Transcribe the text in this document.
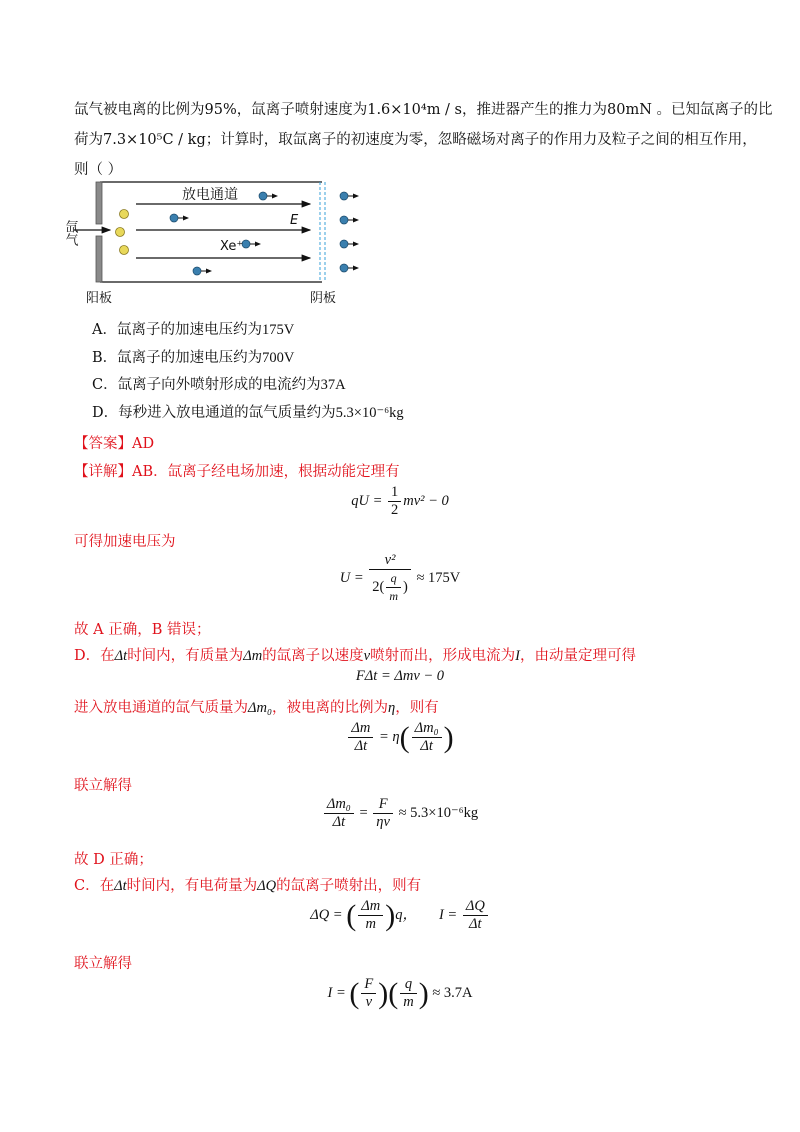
氙气被电离的比例为95%，氙离子喷射速度为1.6×10⁴m / s，推进器产生的推力为80mN 。已知氙离子的比
荷为7.3×10⁵C / kg；计算时，取氙离子的初速度为零，忽略磁场对离子的作用力及粒子之间的相互作用，
则（ ）
放电通道
E
Xe⁺
氙气
阳板	阴板
A．氙离子的加速电压约为175V
B．氙离子的加速电压约为700V
C．氙离子向外喷射形成的电流约为37A
D．每秒进入放电通道的氙气质量约为5.3×10⁻⁶kg
【答案】AD
【详解】AB．氙离子经电场加速，根据动能定理有
qU = $\frac{1}{2} mv^2 - 0$
可得加速电压为
$U = \frac{\text{v²}}{2( \frac{q}{m} )} \approx 175V$
故 A 正确，B 错误；
D．在Δt时间内，有质量为Δm的氙离子以速度v喷射而出，形成电流为I，由动量定理可得
FΔt = Δmv − 0
进入放电通道的氙气质量为Δm₀，被电离的比例为η，则有
$\frac{\Delta m}{\Delta t} = \eta( \frac{\text{Δm₀}}{\Delta t}$ )
联立解得
$\frac{\text{Δm₀}}{\Delta t} = \frac{F}{\eta v} \approx 5.3\times 10^{-6}kg$
故 D 正确；
C．在Δt时间内，有电荷量为ΔQ的氙离子喷射出，则有
ΔQ = ( $\frac{\Delta m}{m} )q$， $I = \frac{\Delta Q}{\Delta t}$
联立解得
I = ( $\frac{F}{v}$ )( $\frac{q}{m}$ ) ≈ 3.7A
